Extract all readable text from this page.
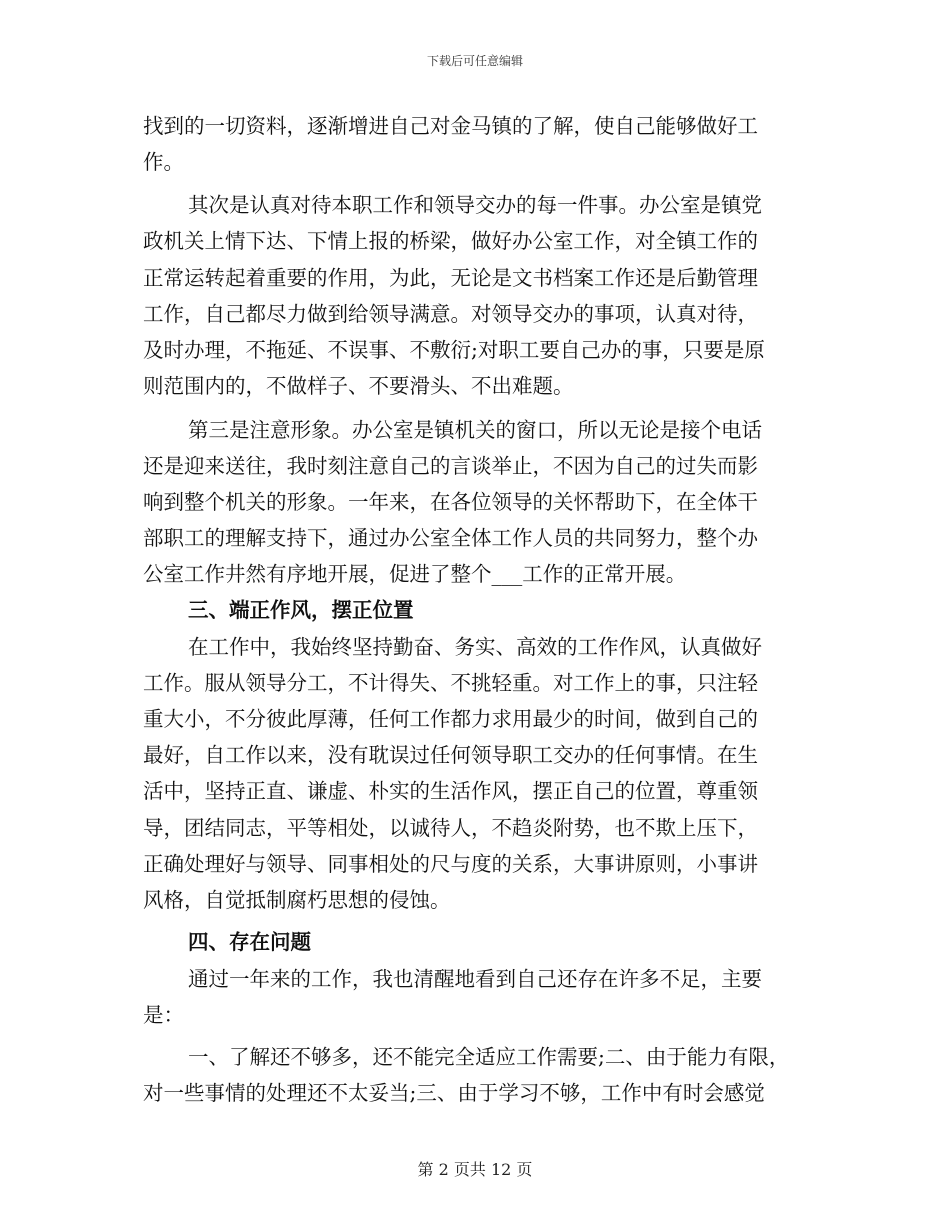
下载后可任意编辑
找到的一切资料，逐渐增进自己对金马镇的了解，使自己能够做好工
作。
其次是认真对待本职工作和领导交办的每一件事。办公室是镇党
政机关上情下达、下情上报的桥梁，做好办公室工作，对全镇工作的
正常运转起着重要的作用，为此，无论是文书档案工作还是后勤管理
工作，自己都尽力做到给领导满意。对领导交办的事项，认真对待，
及时办理，不拖延、不误事、不敷衍;对职工要自己办的事，只要是原
则范围内的，不做样子、不要滑头、不出难题。
第三是注意形象。办公室是镇机关的窗口，所以无论是接个电话
还是迎来送往，我时刻注意自己的言谈举止，不因为自己的过失而影
响到整个机关的形象。一年来，在各位领导的关怀帮助下，在全体干
部职工的理解支持下，通过办公室全体工作人员的共同努力，整个办
公室工作井然有序地开展，促进了整个___工作的正常开展。
三、端正作风，摆正位置
在工作中，我始终坚持勤奋、务实、高效的工作作风，认真做好
工作。服从领导分工，不计得失、不挑轻重。对工作上的事，只注轻
重大小，不分彼此厚薄，任何工作都力求用最少的时间，做到自己的
最好，自工作以来，没有耽误过任何领导职工交办的任何事情。在生
活中，坚持正直、谦虚、朴实的生活作风，摆正自己的位置，尊重领
导，团结同志，平等相处，以诚待人，不趋炎附势，也不欺上压下，
正确处理好与领导、同事相处的尺与度的关系，大事讲原则，小事讲
风格，自觉抵制腐朽思想的侵蚀。
四、存在问题
通过一年来的工作，我也清醒地看到自己还存在许多不足，主要
是：
一、了解还不够多，还不能完全适应工作需要;二、由于能力有限，
对一些事情的处理还不太妥当;三、由于学习不够，工作中有时会感觉
第 2 页共 12 页
